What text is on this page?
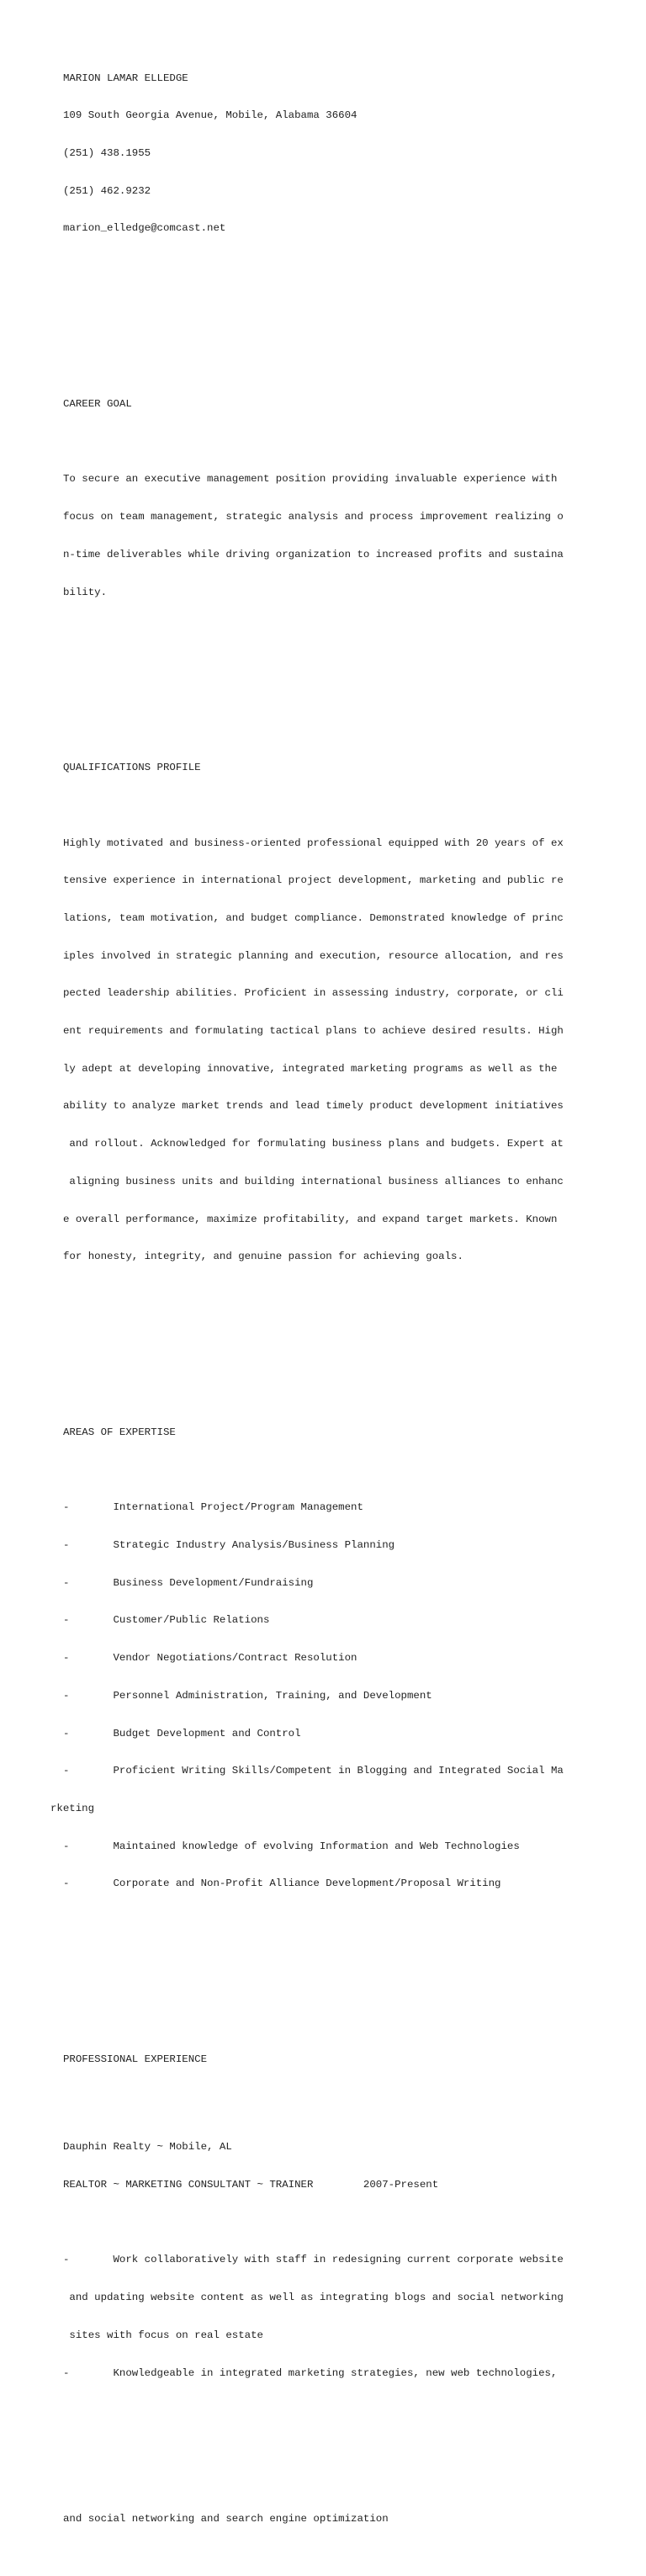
MARION LAMAR ELLEDGE

109 South Georgia Avenue, Mobile, Alabama 36604

(251) 438.1955

(251) 462.9232

marion_elledge@comcast.net

CAREER GOAL

To secure an executive management position providing invaluable experience with

focus on team management, strategic analysis and process improvement realizing o

n-time deliverables while driving organization to increased profits and sustaina

bility.

QUALIFICATIONS PROFILE

Highly motivated and business-oriented professional equipped with 20 years of ex

tensive experience in international project development, marketing and public re

lations, team motivation, and budget compliance. Demonstrated knowledge of princ

iples involved in strategic planning and execution, resource allocation, and res

pected leadership abilities. Proficient in assessing industry, corporate, or cli

ent requirements and formulating tactical plans to achieve desired results. High

ly adept at developing innovative, integrated marketing programs as well as the

ability to analyze market trends and lead timely product development initiatives

and rollout. Acknowledged for formulating business plans and budgets. Expert at

aligning business units and building international business alliances to enhanc

e overall performance, maximize profitability, and expand target markets. Known

for honesty, integrity, and genuine passion for achieving goals.

AREAS OF EXPERTISE

-       International Project/Program Management

-       Strategic Industry Analysis/Business Planning

-       Business Development/Fundraising

-       Customer/Public Relations

-       Vendor Negotiations/Contract Resolution

-       Personnel Administration, Training, and Development

-       Budget Development and Control

-       Proficient Writing Skills/Competent in Blogging and Integrated Social Ma

rketing

-       Maintained knowledge of evolving Information and Web Technologies

-       Corporate and Non-Profit Alliance Development/Proposal Writing

PROFESSIONAL EXPERIENCE

Dauphin Realty ~ Mobile, AL

REALTOR ~ MARKETING CONSULTANT ~ TRAINER        2007-Present

-       Work collaboratively with staff in redesigning current corporate website

and updating website content as well as integrating blogs and social networking

sites with focus on real estate

-       Knowledgeable in integrated marketing strategies, new web technologies,

and social networking and search engine optimization
